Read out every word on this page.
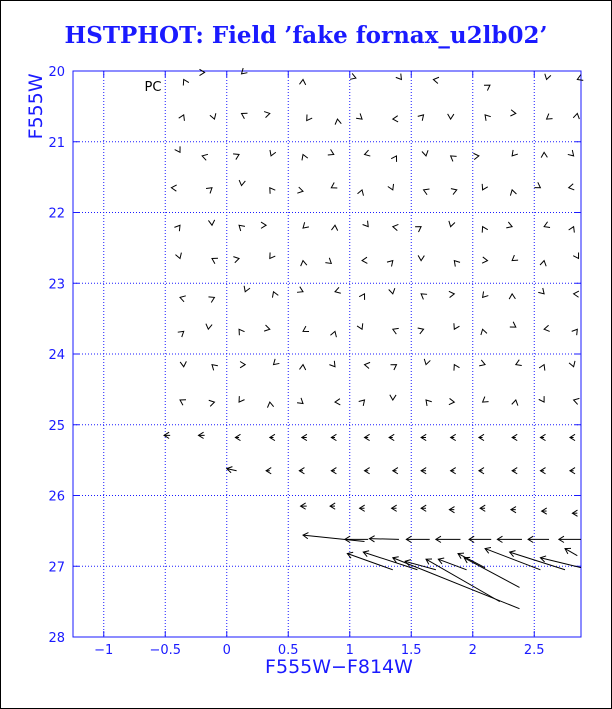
HSTPHOT: Field ’fake fornax_u2lb02’
−1	−0.5	0	0.5	1	1.5	2	2.5
20
21
22
23
24
25
26
27
28
PC
F555W−F814W
F555W
